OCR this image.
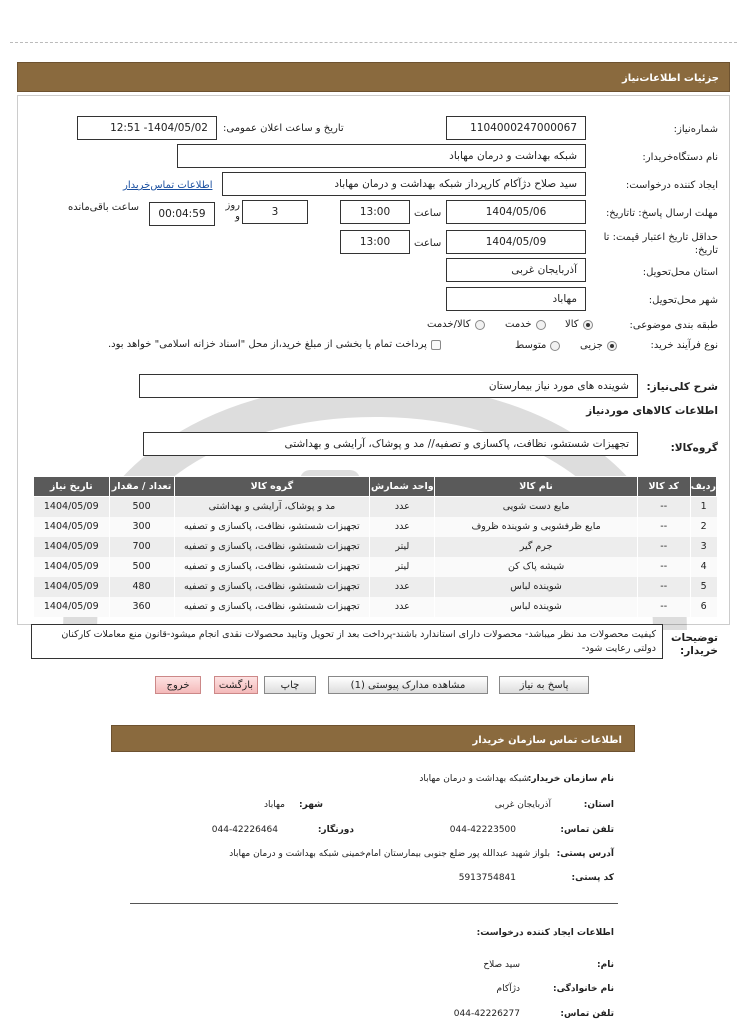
جزئیات اطلاعات‌نیاز
شماره‌نیاز:
1104000247000067
تاریخ و ساعت اعلان عمومی:
1404/05/02- 12:51
نام دستگاه‌خریدار:
شبکه بهداشت و درمان مهاباد
ایجاد کننده درخواست:
سید صلاح دژآکام کارپرداز شبکه بهداشت و درمان مهاباد
اطلاعات تماس‌خریدار
مهلت ارسال پاسخ: تاتاریخ:
1404/05/06
ساعت
13:00
3
روز و
00:04:59
ساعت باقی‌مانده
حداقل تاریخ اعتبار قیمت: تا
تاریخ:
1404/05/09
ساعت
13:00
استان محل‌تحویل:
آذربایجان غربی
شهر محل‌تحویل:
مهاباد
طبقه بندی موضوعی:
کالا
خدمت
کالا/خدمت
نوع فرآیند خرید:
جزیی
متوسط
پرداخت تمام یا بخشی از مبلغ خرید،از محل "اسناد خزانه اسلامی" خواهد بود.
شرح کلی‌نیاز:
شوینده های مورد نیاز بیمارستان
اطلاعات کالاهای موردنیاز
گروه‌کالا:
تجهیزات شستشو، نظافت، پاکسازی و تصفیه// مد و پوشاک، آرایشی و بهداشتی
ردیف	کد کالا	نام کالا	واحد شمارش	گروه کالا	تعداد / مقدار	تاریخ نیاز
1	--	مایع دست شویی	عدد	مد و پوشاک، آرایشی و بهداشتی	500	1404/05/09
2	--	مایع ظرفشویی و شوینده ظروف	عدد	تجهیزات شستشو، نظافت، پاکسازی و تصفیه	300	1404/05/09
3	--	جرم گیر	لیتر	تجهیزات شستشو، نظافت، پاکسازی و تصفیه	700	1404/05/09
4	--	شیشه پاک کن	لیتر	تجهیزات شستشو، نظافت، پاکسازی و تصفیه	500	1404/05/09
5	--	شوینده لباس	عدد	تجهیزات شستشو، نظافت، پاکسازی و تصفیه	480	1404/05/09
6	--	شوینده لباس	عدد	تجهیزات شستشو، نظافت، پاکسازی و تصفیه	360	1404/05/09
توضیحات
خریدار:
کیفیت محصولات مد نظر میباشد- محصولات دارای استاندارد باشند-پرداخت بعد از تحویل وتایید محصولات نقدی انجام میشود-قانون منع معاملات کارکنان دولتی رعایت شود-
پاسخ به نیاز
مشاهده مدارک پیوستی (1)
چاپ
بازگشت
خروج
اطلاعات تماس سازمان خریدار
نام سازمان خریدار:
شبکه بهداشت و درمان مهاباد
استان:
آذربایجان غربی
شهر:
مهاباد
تلفن تماس:
044-42223500
دورنگار:
044-42226464
آدرس پستی:
بلواز شهید عبدالله پور ضلع جنوبی بیمارستان امام‌خمینی شبکه بهداشت و درمان مهاباد
کد پستی:
5913754841
اطلاعات ایجاد کننده درخواست:
نام:
سید صلاح
نام خانوادگی:
دژآکام
تلفن تماس:
044-42226277
